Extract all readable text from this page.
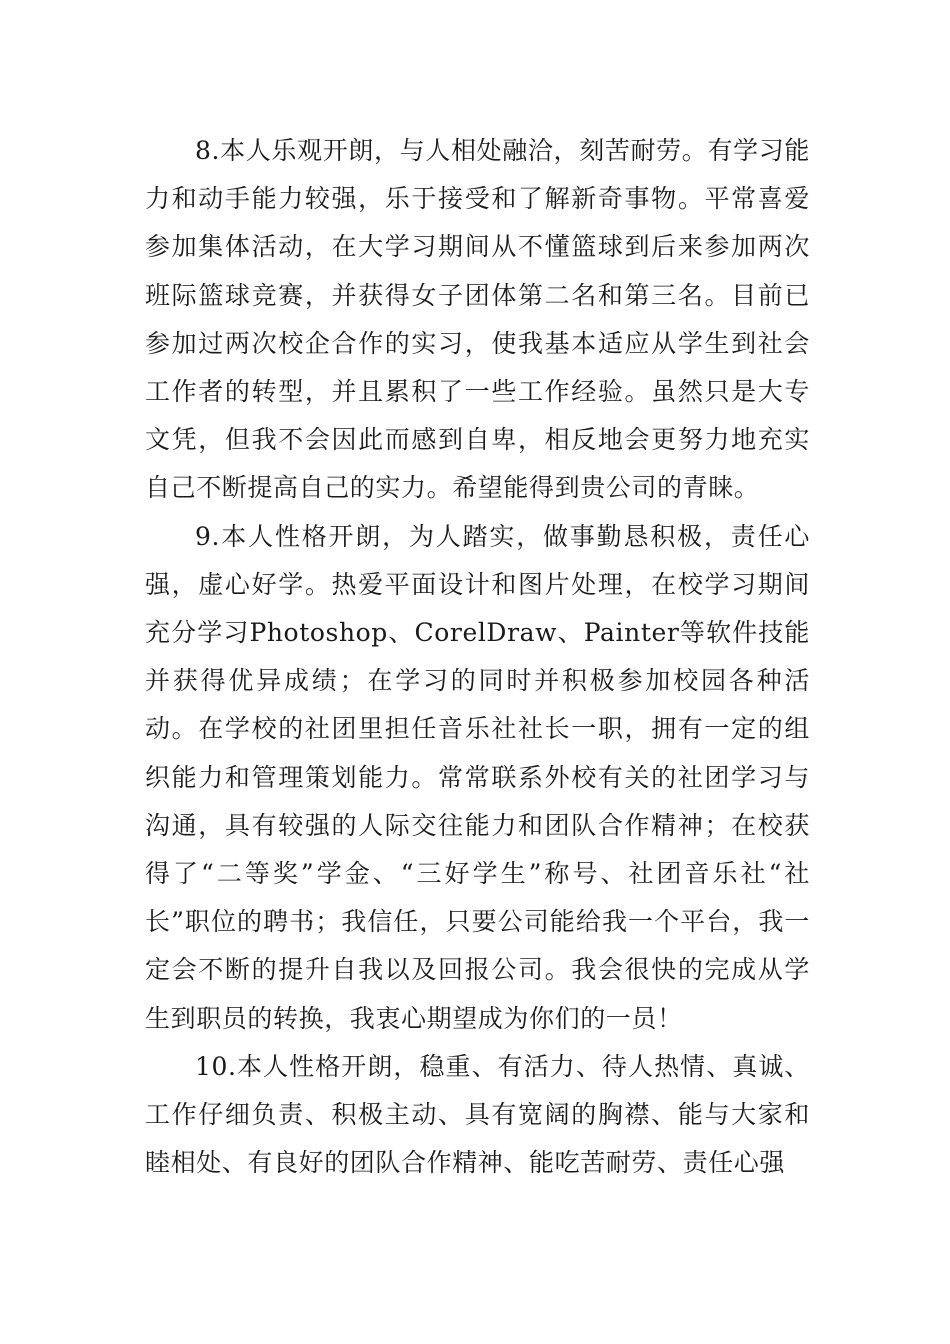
8.本人乐观开朗，与人相处融洽，刻苦耐劳。有学习能力和动手能力较强，乐于接受和了解新奇事物。平常喜爱参加集体活动，在大学习期间从不懂篮球到后来参加两次班际篮球竞赛，并获得女子团体第二名和第三名。目前已参加过两次校企合作的实习，使我基本适应从学生到社会工作者的转型，并且累积了一些工作经验。虽然只是大专文凭，但我不会因此而感到自卑，相反地会更努力地充实自己不断提高自己的实力。希望能得到贵公司的青睐。

9.本人性格开朗，为人踏实，做事勤恳积极，责任心强，虚心好学。热爱平面设计和图片处理，在校学习期间充分学习Photoshop、CorelDraw、Painter等软件技能并获得优异成绩；在学习的同时并积极参加校园各种活动。在学校的社团里担任音乐社社长一职，拥有一定的组织能力和管理策划能力。常常联系外校有关的社团学习与沟通，具有较强的人际交往能力和团队合作精神；在校获得了“二等奖”学金、“三好学生”称号、社团音乐社“社长”职位的聘书；我信任，只要公司能给我一个平台，我一定会不断的提升自我以及回报公司。我会很快的完成从学生到职员的转换，我衷心期望成为你们的一员！

10.本人性格开朗，稳重、有活力、待人热情、真诚、工作仔细负责、积极主动、具有宽阔的胸襟、能与大家和睦相处、有良好的团队合作精神、能吃苦耐劳、责任心强
